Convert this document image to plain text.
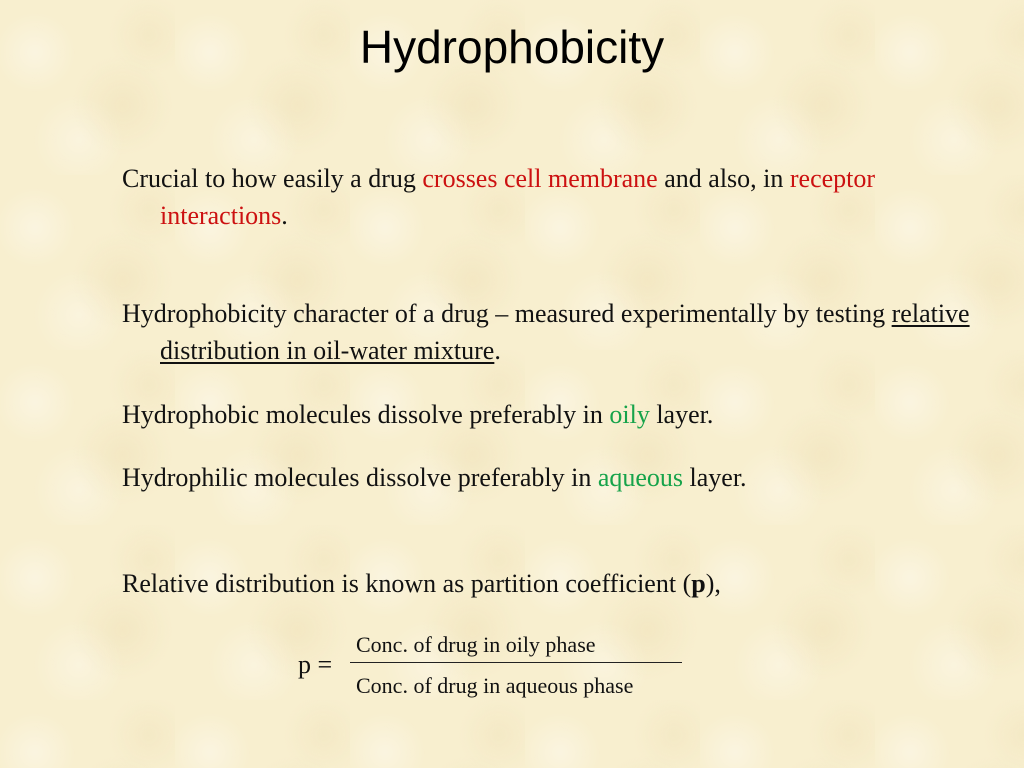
Hydrophobicity
Crucial to how easily a drug crosses cell membrane and also, in receptor interactions.
Hydrophobicity character of a drug – measured experimentally by testing relative distribution in oil-water mixture.
Hydrophobic molecules dissolve preferably in oily layer.
Hydrophilic molecules dissolve preferably in aqueous layer.
Relative distribution is known as partition coefficient (p),
p =
Conc. of drug in oily phase
Conc. of drug in aqueous phase
